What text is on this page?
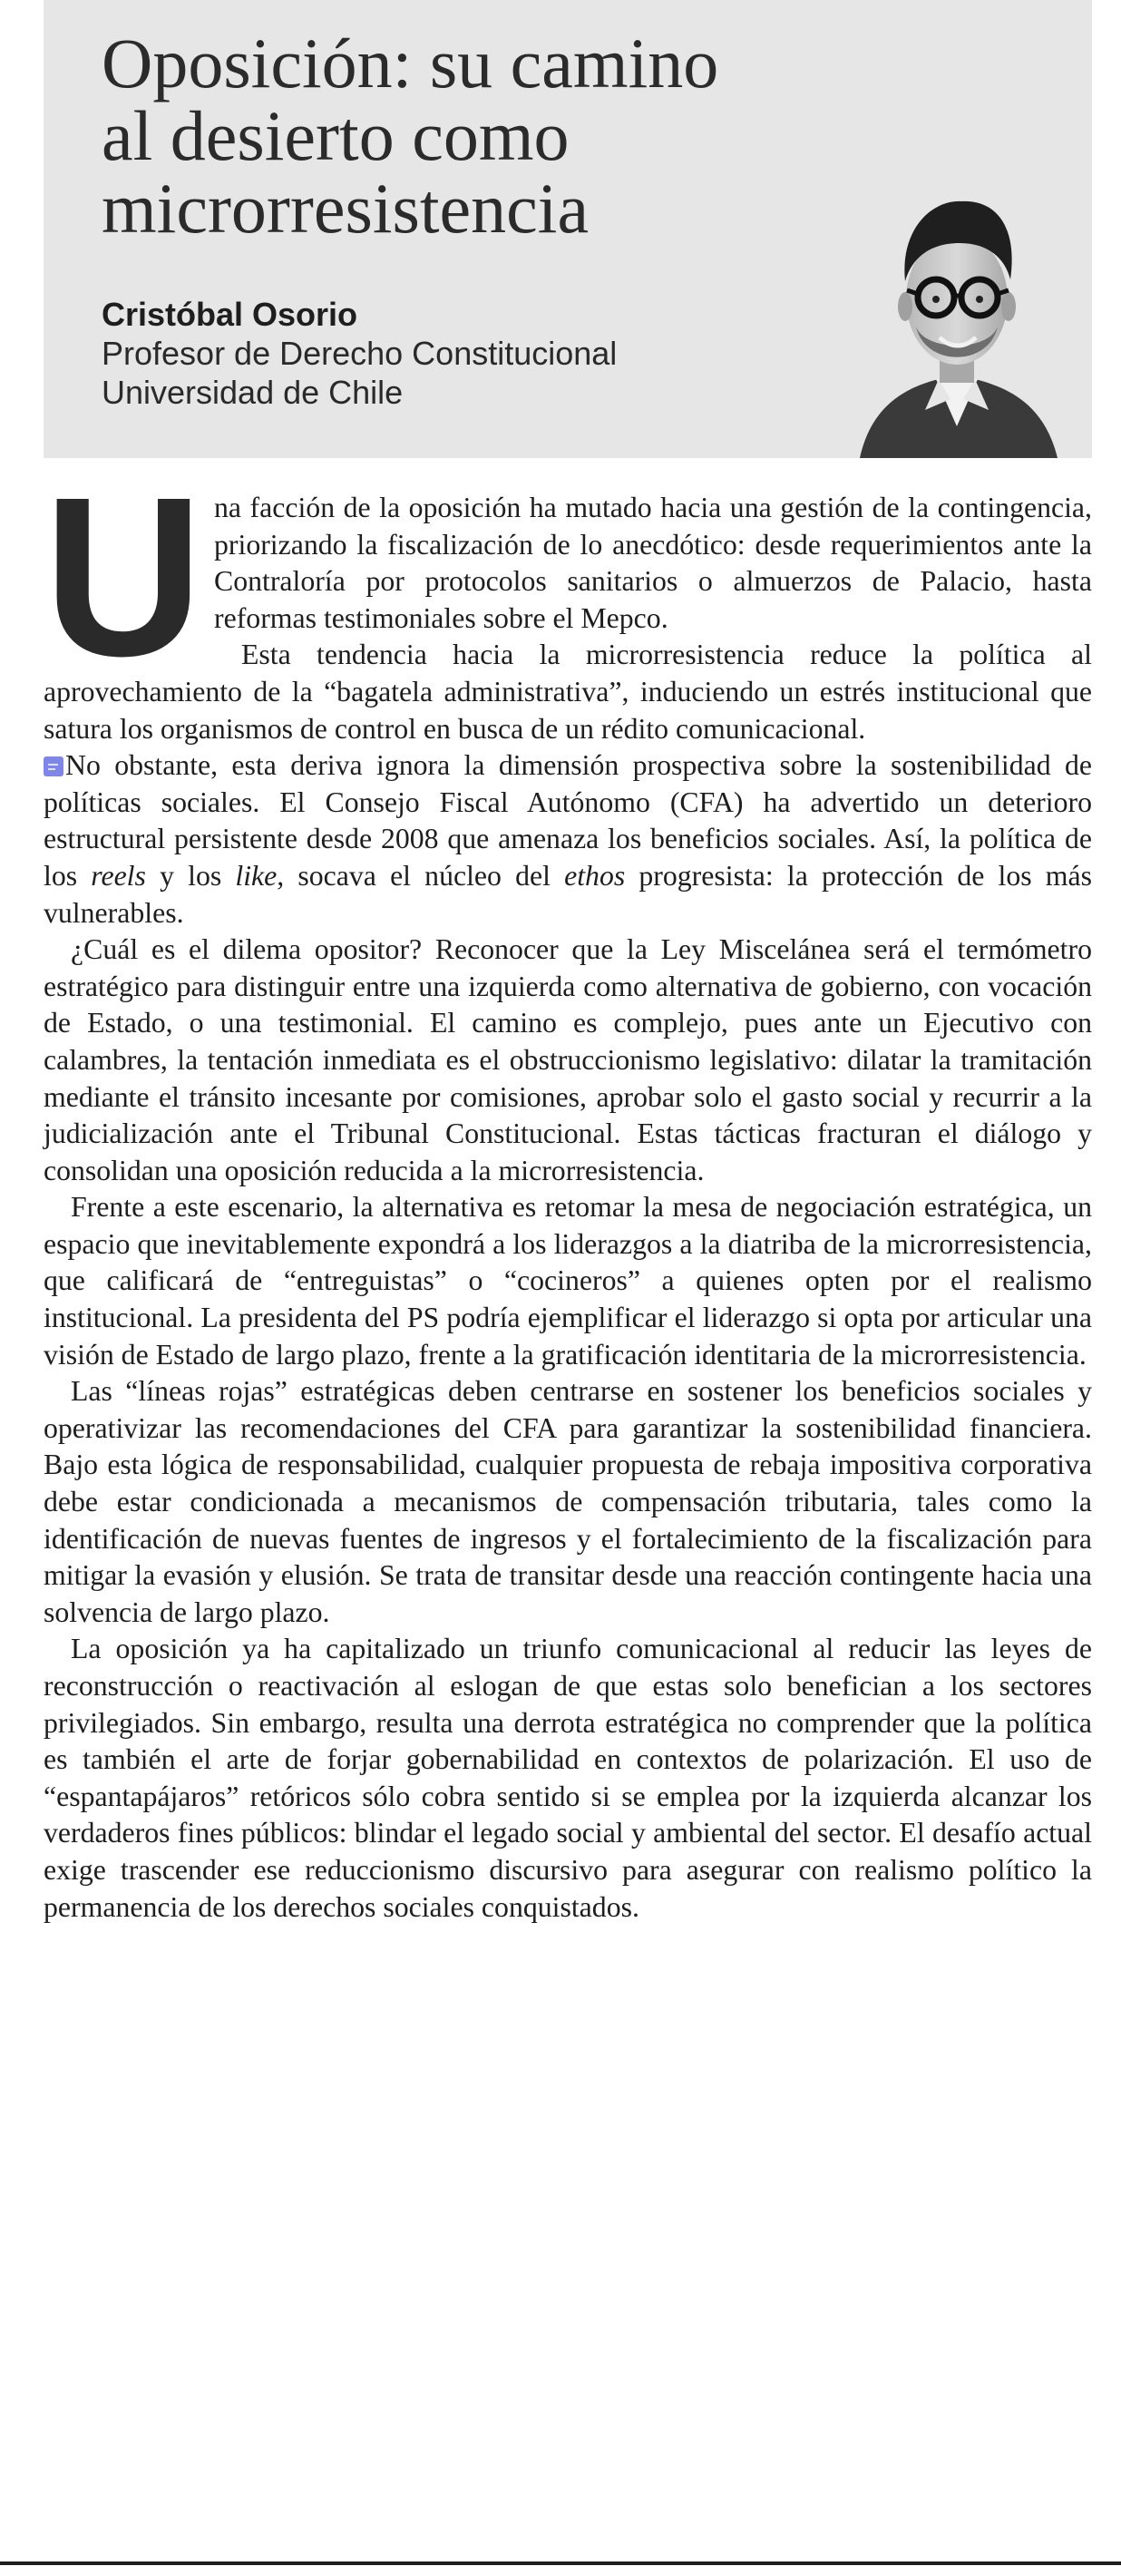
Oposición: su camino
al desierto como
microrresistencia
Cristóbal Osorio
Profesor de Derecho Constitucional
Universidad de Chile
U na facción de la oposición ha mutado hacia una gestión de la contingencia, priorizando la fiscalización de lo anecdótico: desde requerimientos ante la Contraloría por protocolos sanitarios o almuerzos de Palacio, hasta reformas testimoniales sobre el Mepco.

Esta tendencia hacia la microrresistencia reduce la política al aprovechamiento de la “bagatela administrativa”, induciendo un estrés institucional que satura los organismos de control en busca de un rédito comunicacional.

No obstante, esta deriva ignora la dimensión prospectiva sobre la sostenibilidad de políticas sociales. El Consejo Fiscal Autónomo (CFA) ha advertido un deterioro estructural persistente desde 2008 que amenaza los beneficios sociales. Así, la política de los reels y los like, socava el núcleo del ethos progresista: la protección de los más vulnerables.

¿Cuál es el dilema opositor? Reconocer que la Ley Miscelánea será el termómetro estratégico para distinguir entre una izquierda como alternativa de gobierno, con vocación de Estado, o una testimonial. El camino es complejo, pues ante un Ejecutivo con calambres, la tentación inmediata es el obstruccionismo legislativo: dilatar la tramitación mediante el tránsito incesante por comisiones, aprobar solo el gasto social y recurrir a la judicialización ante el Tribunal Constitucional. Estas tácticas fracturan el diálogo y consolidan una oposición reducida a la microrresistencia.

Frente a este escenario, la alternativa es retomar la mesa de negociación estratégica, un espacio que inevitablemente expondrá a los liderazgos a la diatriba de la microrresistencia, que calificará de “entreguistas” o “cocineros” a quienes opten por el realismo institucional. La presidenta del PS podría ejemplificar el liderazgo si opta por articular una visión de Estado de largo plazo, frente a la gratificación identitaria de la microrresistencia.

Las “líneas rojas” estratégicas deben centrarse en sostener los beneficios sociales y operativizar las recomendaciones del CFA para garantizar la sostenibilidad financiera. Bajo esta lógica de responsabilidad, cualquier propuesta de rebaja impositiva corporativa debe estar condicionada a mecanismos de compensación tributaria, tales como la identificación de nuevas fuentes de ingresos y el fortalecimiento de la fiscalización para mitigar la evasión y elusión. Se trata de transitar desde una reacción contingente hacia una solvencia de largo plazo.

La oposición ya ha capitalizado un triunfo comunicacional al reducir las leyes de reconstrucción o reactivación al eslogan de que estas solo benefician a los sectores privilegiados. Sin embargo, resulta una derrota estratégica no comprender que la política es también el arte de forjar gobernabilidad en contextos de polarización. El uso de “espantapájaros” retóricos sólo cobra sentido si se emplea por la izquierda alcanzar los verdaderos fines públicos: blindar el legado social y ambiental del sector. El desafío actual exige trascender ese reduccionismo discursivo para asegurar con realismo político la permanencia de los derechos sociales conquistados.
